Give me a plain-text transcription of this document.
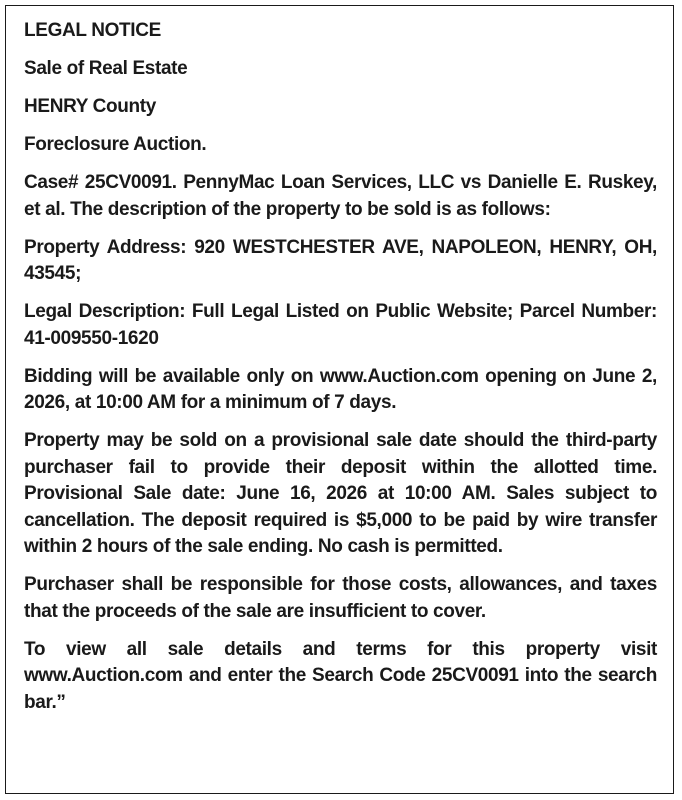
LEGAL NOTICE

Sale of Real Estate

HENRY County

Foreclosure Auction.

Case# 25CV0091. PennyMac Loan Services, LLC vs Danielle E. Ruskey, et al. The description of the property to be sold is as follows:

Property Address: 920 WESTCHESTER AVE, NAPOLEON, HENRY, OH, 43545;

Legal Description: Full Legal Listed on Public Website; Parcel Number: 41-009550-1620

Bidding will be available only on www.Auction.com opening on June 2, 2026, at 10:00 AM for a minimum of 7 days.

Property may be sold on a provisional sale date should the third-party purchaser fail to provide their deposit within the allotted time. Provisional Sale date: June 16, 2026 at 10:00 AM. Sales subject to cancellation. The deposit required is $5,000 to be paid by wire transfer within 2 hours of the sale ending. No cash is permitted.

Purchaser shall be responsible for those costs, allowances, and taxes that the proceeds of the sale are insufficient to cover.

To view all sale details and terms for this property visit www.Auction.com and enter the Search Code 25CV0091 into the search bar.”
